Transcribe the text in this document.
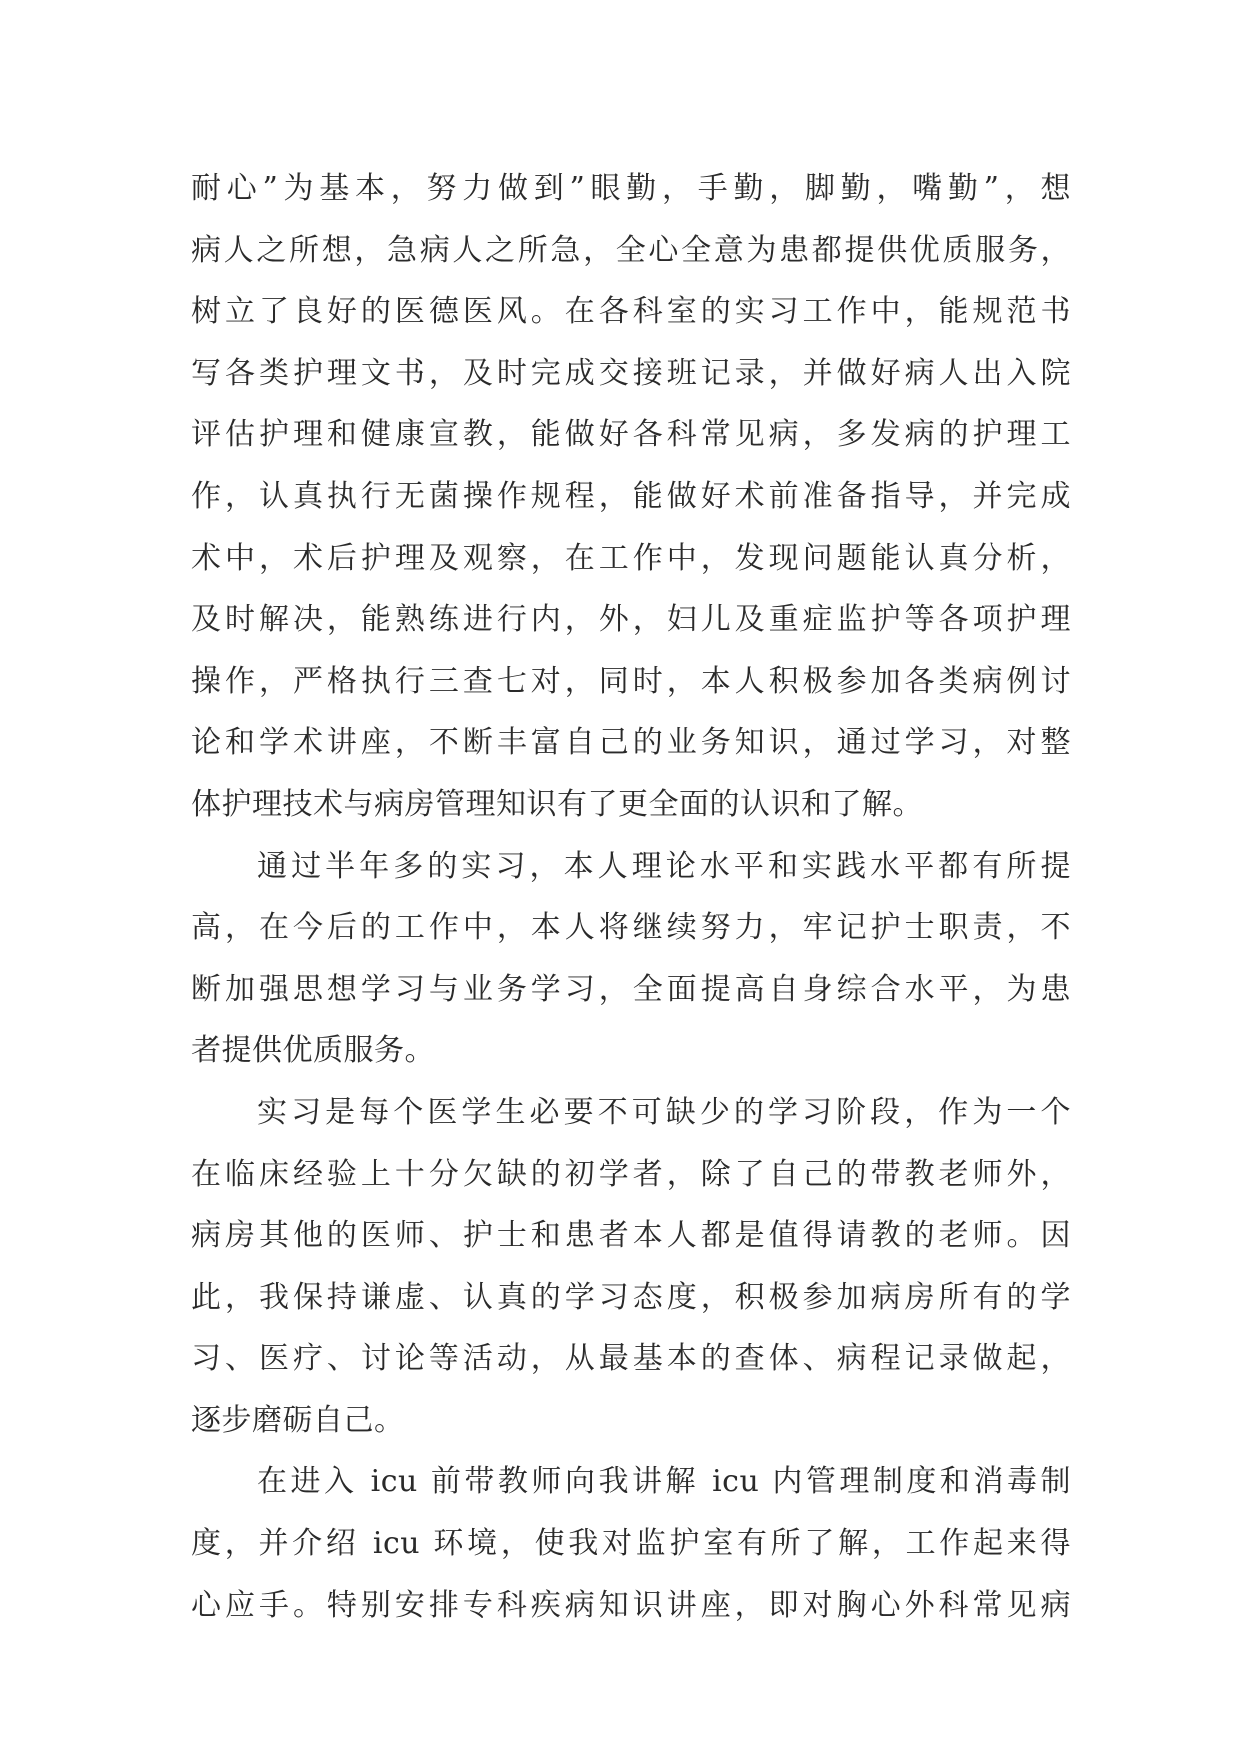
耐心”为基本，努力做到”眼勤，手勤，脚勤，嘴勤”，想
病人之所想，急病人之所急，全心全意为患都提供优质服务，
树立了良好的医德医风。在各科室的实习工作中，能规范书
写各类护理文书，及时完成交接班记录，并做好病人出入院
评估护理和健康宣教，能做好各科常见病，多发病的护理工
作，认真执行无菌操作规程，能做好术前准备指导，并完成
术中，术后护理及观察，在工作中，发现问题能认真分析，
及时解决，能熟练进行内，外，妇儿及重症监护等各项护理
操作，严格执行三查七对，同时，本人积极参加各类病例讨
论和学术讲座，不断丰富自己的业务知识，通过学习，对整
体护理技术与病房管理知识有了更全面的认识和了解。
通过半年多的实习，本人理论水平和实践水平都有所提
高，在今后的工作中，本人将继续努力，牢记护士职责，不
断加强思想学习与业务学习，全面提高自身综合水平，为患
者提供优质服务。
实习是每个医学生必要不可缺少的学习阶段，作为一个
在临床经验上十分欠缺的初学者，除了自己的带教老师外，
病房其他的医师、护士和患者本人都是值得请教的老师。因
此，我保持谦虚、认真的学习态度，积极参加病房所有的学
习、医疗、讨论等活动，从最基本的查体、病程记录做起，
逐步磨砺自己。
在进入 icu 前带教师向我讲解 icu 内管理制度和消毒制
度，并介绍 icu 环境，使我对监护室有所了解，工作起来得
心应手。特别安排专科疾病知识讲座，即对胸心外科常见病
